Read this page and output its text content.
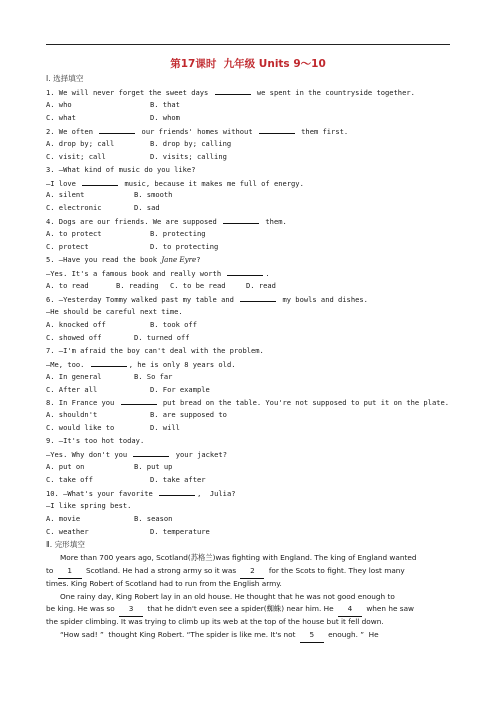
第17课时  九年级 Units 9～10
Ⅰ. 选择填空
1. We will never forget the sweet days	we spent in the countryside together.
A. who	B. that
C. what	D. whom
2. We often	our friends' homes without	them first.
A. drop by; call	B. drop by; calling
C. visit; call	D. visits; calling
3. —What kind of music do you like?
—I love	music, because it makes me full of energy.
A. silent	B. smooth
C. electronic	D. sad
4. Dogs are our friends. We are supposed	them.
A. to protect	B. protecting
C. protect	D. to protecting
5. —Have you read the book Jane Eyre?
—Yes. It's a famous book and really worth	.
A. to read	B. reading C. to be read	D. read
6. —Yesterday Tommy walked past my table and	my bowls and dishes.
—He should be careful next time.
A. knocked off	B. took off
C. showed off	D. turned off
7. —I'm afraid the boy can't deal with the problem.
—Me, too.	, he is only 8 years old.
A. In general	B. So far
C. After all	D. For example
8. In France you	put bread on the table. You're not supposed to put it on the plate.
A. shouldn't	B. are supposed to
C. would like to	D. will
9. —It's too hot today.
—Yes. Why don't you	your jacket?
A. put on	B. put up
C. take off	D. take after
10. —What's your favorite	,  Julia?
—I like spring best.
A. movie	B. season
C. weather	D. temperature
Ⅱ. 完形填空
More than 700 years ago, Scotland(苏格兰)was fighting with England. The king of England wanted
to 1 Scotland. He had a strong army so it was 2 for the Scots to fight. They lost many
times. King Robert of Scotland had to run from the English army.
One rainy day, King Robert lay in an old house. He thought that he was not good enough to
be king. He was so 3 that he didn't even see a spider(蜘蛛) near him. He 4 when he saw
the spider climbing. It was trying to climb up its web at the top of the house but it fell down.
“How sad! ”  thought King Robert. “The spider is like me. It's not 5 enough. ”  He
